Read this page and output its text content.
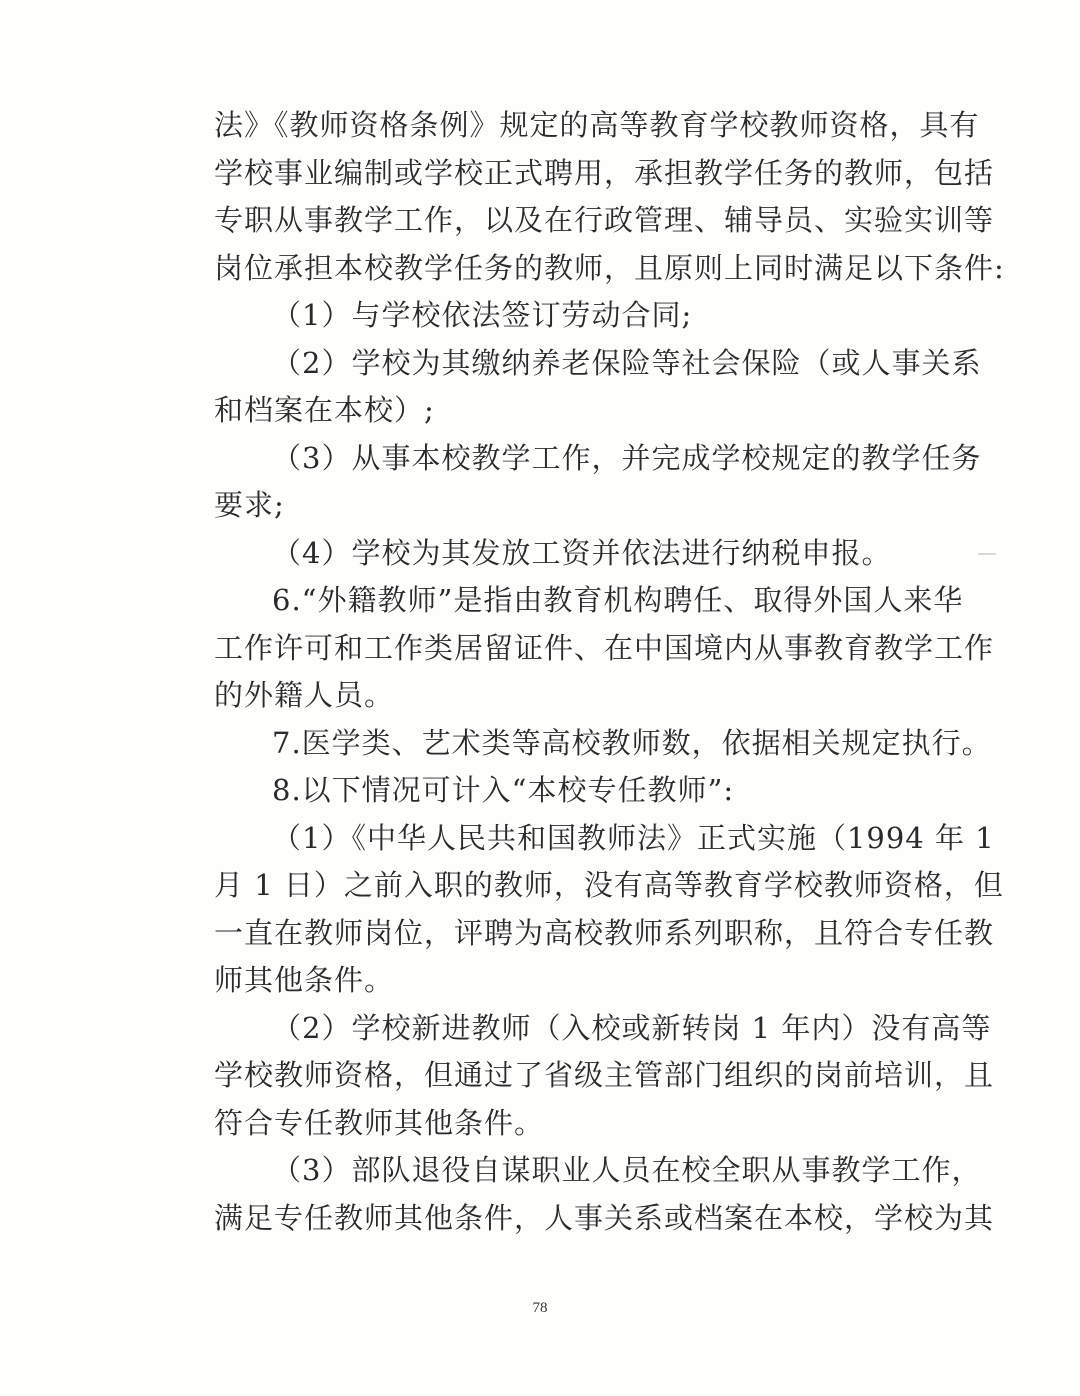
法》《教师资格条例》规定的高等教育学校教师资格，具有
学校事业编制或学校正式聘用，承担教学任务的教师，包括
专职从事教学工作，以及在行政管理、辅导员、实验实训等
岗位承担本校教学任务的教师，且原则上同时满足以下条件:
（1）与学校依法签订劳动合同;
（2）学校为其缴纳养老保险等社会保险（或人事关系
和档案在本校）;
（3）从事本校教学工作，并完成学校规定的教学任务
要求;
（4）学校为其发放工资并依法进行纳税申报。
6.“外籍教师”是指由教育机构聘任、取得外国人来华
工作许可和工作类居留证件、在中国境内从事教育教学工作
的外籍人员。
7.医学类、艺术类等高校教师数，依据相关规定执行。
8.以下情况可计入“本校专任教师”:
（1）《中华人民共和国教师法》正式实施（1994 年 1
月 1 日）之前入职的教师，没有高等教育学校教师资格，但
一直在教师岗位，评聘为高校教师系列职称，且符合专任教
师其他条件。
（2）学校新进教师（入校或新转岗 1 年内）没有高等
学校教师资格，但通过了省级主管部门组织的岗前培训，且
符合专任教师其他条件。
（3）部队退役自谋职业人员在校全职从事教学工作，
满足专任教师其他条件，人事关系或档案在本校，学校为其
78
